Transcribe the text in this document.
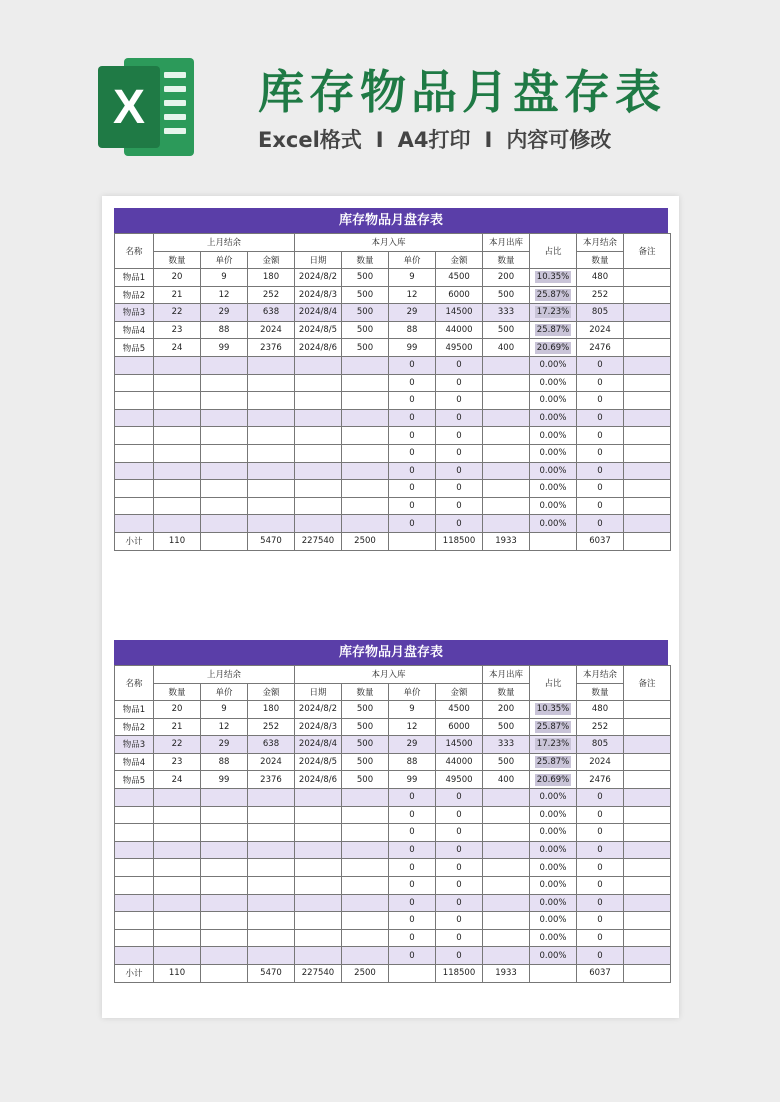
X	库存物品月盘存表
Excel格式 I A4打印 I 内容可修改
库存物品月盘存表
名称	上月结余			本月入库				本月出库	占比	本月结余	备注
	数量	单价	金额	日期	数量	单价	金额	数量		数量	
物品1	20	9	180	2024/8/2	500	9	4500	200	10.35%	480	
物品2	21	12	252	2024/8/3	500	12	6000	500	25.87%	252	
物品3	22	29	638	2024/8/4	500	29	14500	333	17.23%	805	
物品4	23	88	2024	2024/8/5	500	88	44000	500	25.87%	2024	
物品5	24	99	2376	2024/8/6	500	99	49500	400	20.69%	2476	
						0	0		0.00%	0	
						0	0		0.00%	0	
						0	0		0.00%	0	
						0	0		0.00%	0	
						0	0		0.00%	0	
						0	0		0.00%	0	
						0	0		0.00%	0	
						0	0		0.00%	0	
						0	0		0.00%	0	
						0	0		0.00%	0	
小计	110		5470	227540	2500		118500	1933		6037	
库存物品月盘存表
名称	上月结余			本月入库				本月出库	占比	本月结余	备注
	数量	单价	金额	日期	数量	单价	金额	数量		数量	
物品1	20	9	180	2024/8/2	500	9	4500	200	10.35%	480	
物品2	21	12	252	2024/8/3	500	12	6000	500	25.87%	252	
物品3	22	29	638	2024/8/4	500	29	14500	333	17.23%	805	
物品4	23	88	2024	2024/8/5	500	88	44000	500	25.87%	2024	
物品5	24	99	2376	2024/8/6	500	99	49500	400	20.69%	2476	
						0	0		0.00%	0	
						0	0		0.00%	0	
						0	0		0.00%	0	
						0	0		0.00%	0	
						0	0		0.00%	0	
						0	0		0.00%	0	
						0	0		0.00%	0	
						0	0		0.00%	0	
						0	0		0.00%	0	
						0	0		0.00%	0	
小计	110		5470	227540	2500		118500	1933		6037	
